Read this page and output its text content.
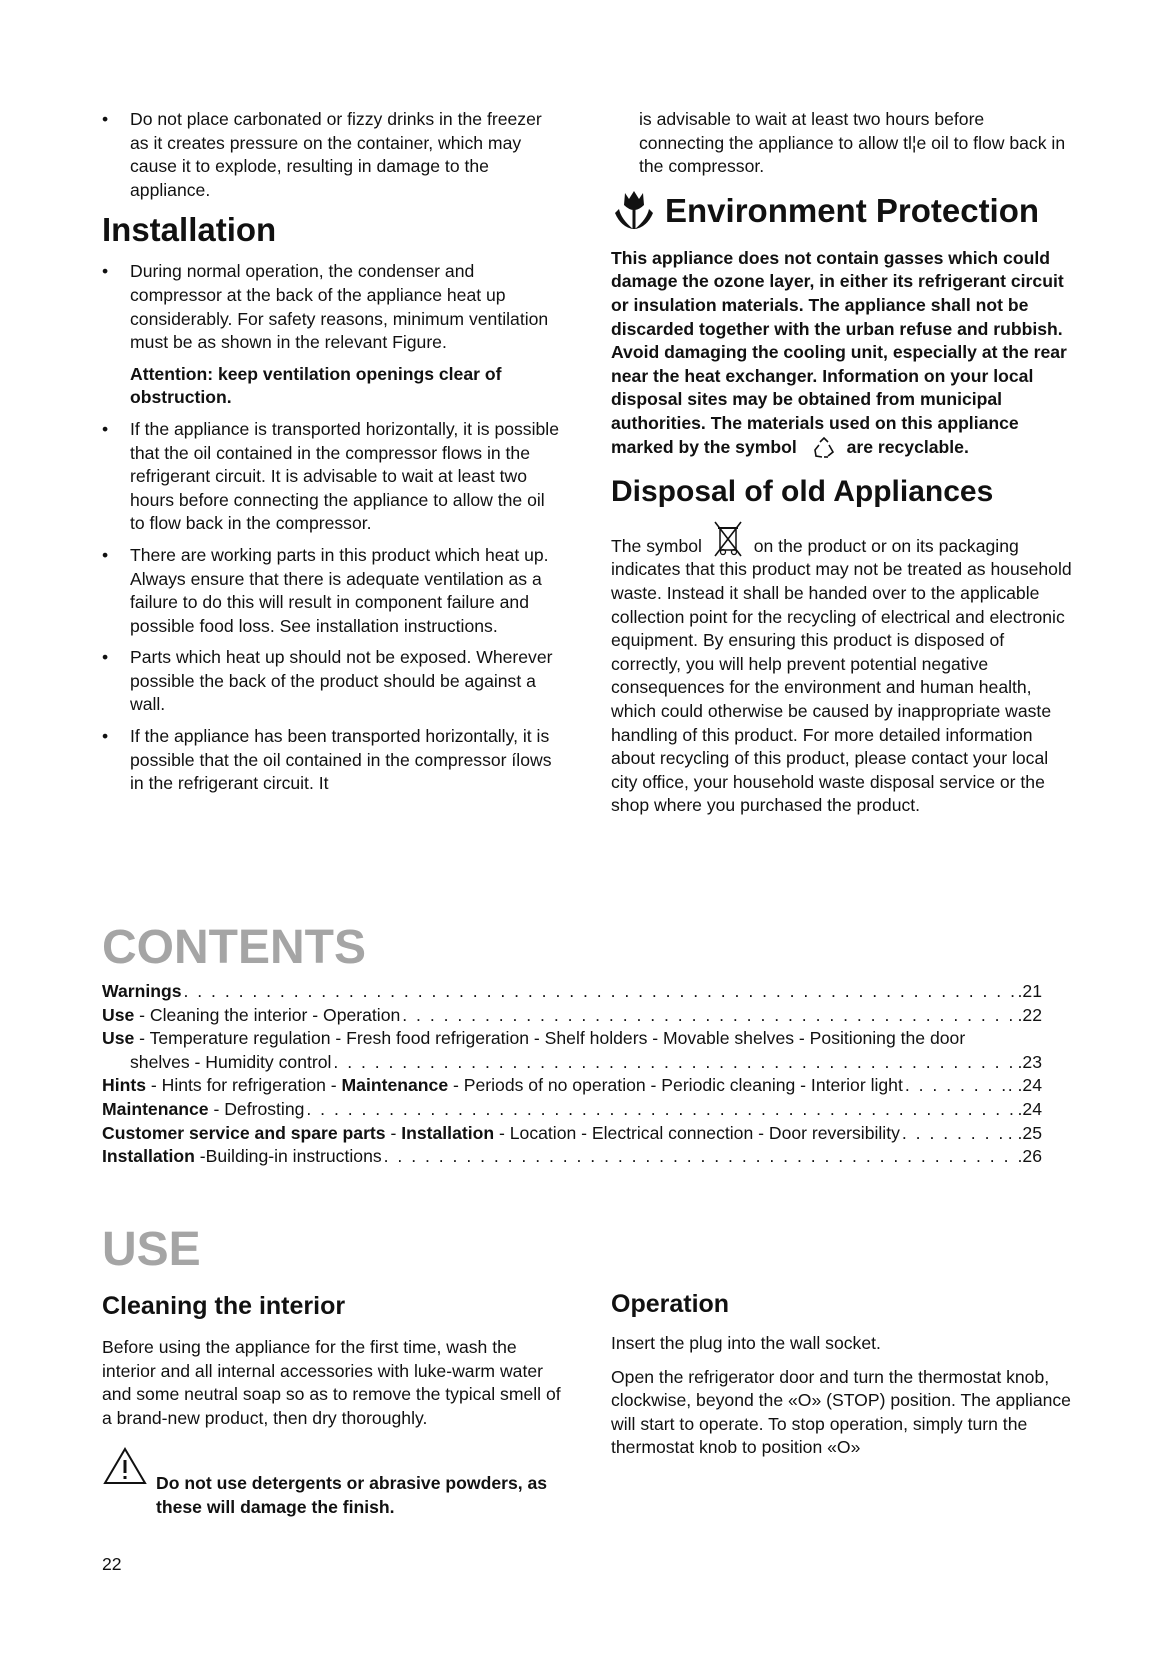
• Do not place carbonated or fizzy drinks in the freezer as it creates pressure on the container, which may cause it to explode, resulting in damage to the appliance.
Installation
• During normal operation, the condenser and compressor at the back of the appliance heat up considerably. For safety reasons, minimum ventilation must be as shown in the relevant Figure.
Attention: keep ventilation openings clear of obstruction.
• If the appliance is transported horizontally, it is possible that the oil contained in the compressor flows in the refrigerant circuit. It is advisable to wait at least two hours before connecting the appliance to allow the oil to flow back in the compressor.
• There are working parts in this product which heat up. Always ensure that there is adequate ventilation as a failure to do this will result in component failure and possible food loss. See installation instructions.
• Parts which heat up should not be exposed. Wherever possible the back of the product should be against a wall.
• If the appliance has been transported horizontally, it is possible that the oil contained in the compressor ílows in the refrigerant circuit. It

is advisable to wait at least two hours before connecting the appliance to allow tl¦e oil to flow back in the compressor.

Environment Protection
This appliance does not contain gasses which could damage the ozone layer, in either its refrigerant circuit or insulation materials. The appliance shall not be discarded together with the urban refuse and rubbish. Avoid damaging the cooling unit, especially at the rear near the heat exchanger. Information on your local disposal sites may be obtained from municipal authorities. The materials used on this appliance marked by the symbol	are recyclable.
Disposal of old Appliances

The symbol	on the product or on its packaging indicates that this product may not be treated as household waste. Instead it shall be handed over to the applicable collection point for the recycling of electrical and electronic equipment. By ensuring this product is disposed of correctly, you will help prevent potential negative consequences for the environment and human health, which could otherwise be caused by inappropriate waste handling of this product. For more detailed information about recycling of this product, please contact your local city office, your household waste disposal service or the shop where you purchased the product.

CONTENTS
Warnings . . .	.21
Use - Cleaning the interior - Operation . . .	.22
Use - Temperature regulation - Fresh food refrigeration - Shelf holders - Movable shelves - Positioning the door
shelves - Humidity control . . .	.23
Hints - Hints for refrigeration - Maintenance - Periods of no operation - Periodic cleaning - Interior light . . .	. .24
Maintenance - Defrosting . . .	.24
Customer service and spare parts - Installation - Location - Electrical connection - Door reversibility . . .	. .25
Installation -Building-in instructions . . .	.26
USE
Cleaning the interior

Before using the appliance for the first time, wash the interior and all internal accessories with luke-warm water and some neutral soap so as to remove the typical smell of a brand-new product, then dry thoroughly.

Do not use detergents or abrasive powders, as these will damage the finish.
Operation

Insert the plug into the wall socket.

Open the refrigerator door and turn the thermostat knob, clockwise, beyond the «O» (STOP) position. The appliance will start to operate. To stop operation, simply turn the thermostat knob to position «O»

22
